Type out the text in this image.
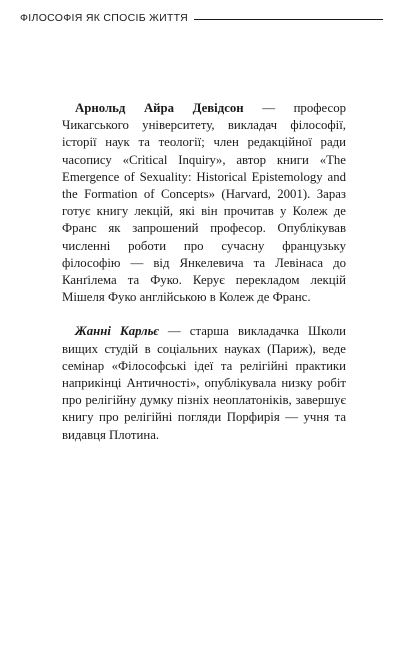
ФІЛОСОФІЯ ЯК СПОСІБ ЖИТТЯ

Арнольд Айра Девідсон — професор Чикагського університету, викладач філософії, історії наук та теології; член редакційної ради часопису «Critical Inquiry», автор книги «The Emergence of Sexuality: Historical Epistemology and the Formation of Concepts» (Harvard, 2001). Зараз готує книгу лекцій, які він прочитав у Колеж де Франс як запрошений професор. Опублікував численні роботи про сучасну французьку філософію — від Янкелевича та Левінаса до Канґілема та Фуко. Керує перекладом лекцій Мішеля Фуко англійською в Колеж де Франс.

Жанні Карльє — старша викладачка Школи вищих студій в соціальних науках (Париж), веде семінар «Філософські ідеї та релігійні практики наприкінці Античності», опублікувала низку робіт про релігійну думку пізніх неоплатоніків, завершує книгу про релігійні погляди Порфирія — учня та видавця Плотина.
